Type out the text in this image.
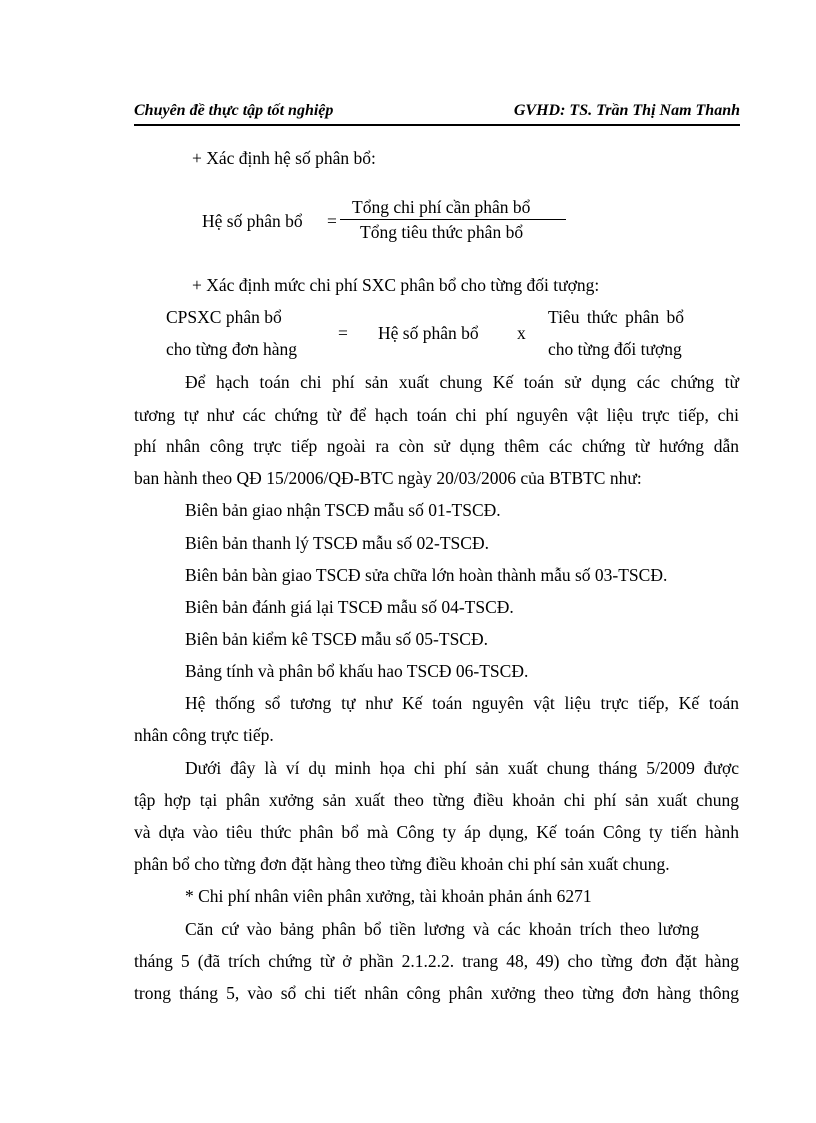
Chuyên đề thực tập tốt nghiệp	GVHD: TS. Trần Thị Nam Thanh
+ Xác định hệ số phân bổ:
Hệ số phân bổ =
Tổng chi phí cần phân bổ
Tổng tiêu thức phân bổ
+ Xác định mức chi phí SXC phân bổ cho từng đối tượng:
CPSXC phân bổ
cho từng đơn hàng
= Hệ số phân bổ x
Tiêu thức phân bổ
cho từng đối tượng
Để hạch toán chi phí sản xuất chung Kế toán sử dụng các chứng từ
tương tự như các chứng từ để hạch toán chi phí nguyên vật liệu trực tiếp, chi
phí nhân công trực tiếp ngoài ra còn sử dụng thêm các chứng từ hướng dẫn
ban hành theo QĐ 15/2006/QĐ-BTC ngày 20/03/2006 của BTBTC như:
Biên bản giao nhận TSCĐ mẫu số 01-TSCĐ.
Biên bản thanh lý TSCĐ mẫu số 02-TSCĐ.
Biên bản bàn giao TSCĐ sửa chữa lớn hoàn thành mẫu số 03-TSCĐ.
Biên bản đánh giá lại TSCĐ mẫu số 04-TSCĐ.
Biên bản kiểm kê TSCĐ mẫu số 05-TSCĐ.
Bảng tính và phân bổ khấu hao TSCĐ 06-TSCĐ.
Hệ thống sổ tương tự như Kế toán nguyên vật liệu trực tiếp, Kế toán
nhân công trực tiếp.
Dưới đây là ví dụ minh họa chi phí sản xuất chung tháng 5/2009 được
tập hợp tại phân xưởng sản xuất theo từng điều khoản chi phí sản xuất chung
và dựa vào tiêu thức phân bổ mà Công ty áp dụng, Kế toán Công ty tiến hành
phân bổ cho từng đơn đặt hàng theo từng điều khoản chi phí sản xuất chung.
* Chi phí nhân viên phân xưởng, tài khoản phản ánh 6271
Căn cứ vào bảng phân bổ tiền lương và các khoản trích theo lương
tháng 5 (đã trích chứng từ ở phần 2.1.2.2. trang 48, 49) cho từng đơn đặt hàng
trong tháng 5, vào sổ chi tiết nhân công phân xưởng theo từng đơn hàng thông
